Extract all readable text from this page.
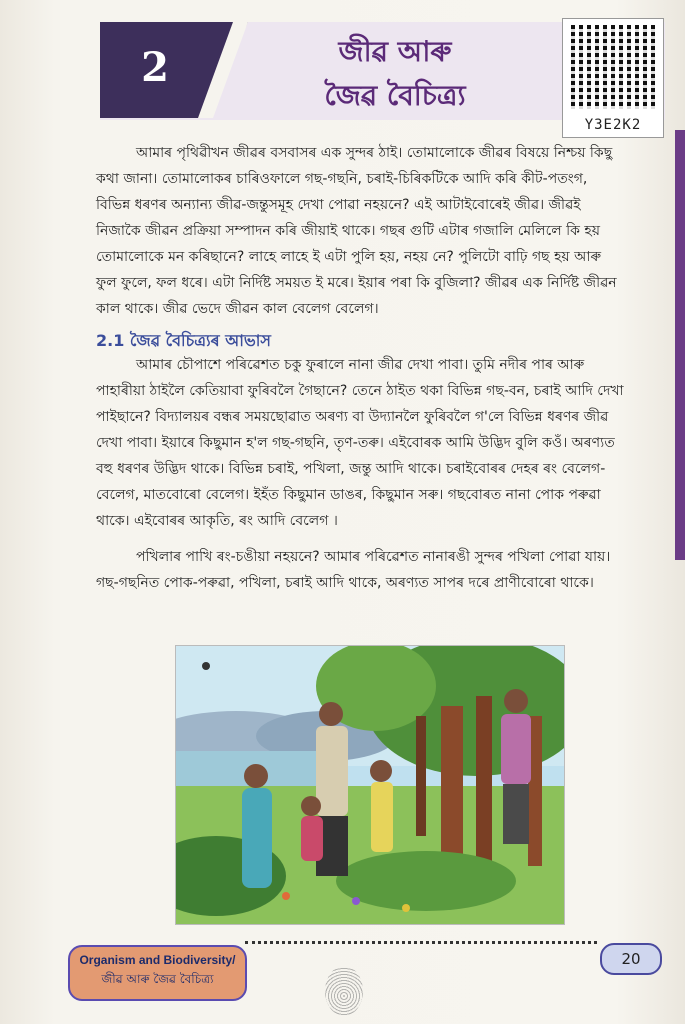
2	জীৱ আৰু
জৈৱ বৈচিত্ৰ্য
Y3E2K2

আমাৰ পৃথিৱীখন জীৱৰ বসবাসৰ এক সুন্দৰ ঠাই। তোমালোকে জীৱৰ বিষয়ে নিশ্চয় কিছু কথা জানা। তোমালোকৰ চাৰিওফালে গছ-গছনি, চৰাই-চিৰিকটিকে আদি কৰি কীট-পতংগ, বিভিন্ন ধৰণৰ অন্যান্য জীৱ-জন্তুসমূহ দেখা পোৱা নহয়নে? এই আটাইবোৰেই জীৱ। জীৱই নিজাকৈ জীৱন প্ৰক্ৰিয়া সম্পাদন কৰি জীয়াই থাকে। গছৰ গুটি এটাৰ গজালি মেলিলে কি হয় তোমালোকে মন কৰিছানে? লাহে লাহে ই এটা পুলি হয়, নহয় নে? পুলিটো বাঢ়ি গছ হয় আৰু ফুল ফুলে, ফল ধৰে। এটা নিৰ্দিষ্ট সময়ত ই মৰে। ইয়াৰ পৰা কি বুজিলা? জীৱৰ এক নিৰ্দিষ্ট জীৱন কাল থাকে। জীৱ ভেদে জীৱন কাল বেলেগ বেলেগ।

2.1 জৈৱ বৈচিত্ৰ্যৰ আভাস

আমাৰ চৌপাশে পৰিৱেশত চকু ফুৰালে নানা জীৱ দেখা পাবা। তুমি নদীৰ পাৰ আৰু পাহাৰীয়া ঠাইলৈ কেতিয়াবা ফুৰিবলৈ গৈছানে? তেনে ঠাইত থকা বিভিন্ন গছ-বন, চৰাই আদি দেখা পাইছানে? বিদ্যালয়ৰ বন্ধৰ সময়ছোৱাত অৰণ্য বা উদ্যানলৈ ফুৰিবলৈ গ'লে বিভিন্ন ধৰণৰ জীৱ দেখা পাবা। ইয়াৰে কিছুমান হ'ল গছ-গছনি, তৃণ-তৰু। এইবোৰক আমি উদ্ভিদ বুলি কওঁ। অৰণ্যত বহু ধৰণৰ উদ্ভিদ থাকে। বিভিন্ন চৰাই, পখিলা, জন্তু আদি থাকে। চৰাইবোৰৰ দেহৰ ৰং বেলেগ-বেলেগ, মাতবোৰো বেলেগ। ইহঁত কিছুমান ডাঙৰ, কিছুমান সৰু। গছবোৰত নানা পোক পৰুৱা থাকে। এইবোৰৰ আকৃতি, ৰং আদি বেলেগ ।

পখিলাৰ পাখি ৰং-চঙীয়া নহয়নে? আমাৰ পৰিৱেশত নানাৰঙী সুন্দৰ পখিলা পোৱা যায়। গছ-গছনিত পোক-পৰুৱা, পখিলা, চৰাই আদি থাকে, অৰণ্যত সাপৰ দৰে প্ৰাণীবোৰো থাকে।

Organism and Biodiversity/
জীৱ আৰু জৈৱ বৈচিত্ৰ্য
20
